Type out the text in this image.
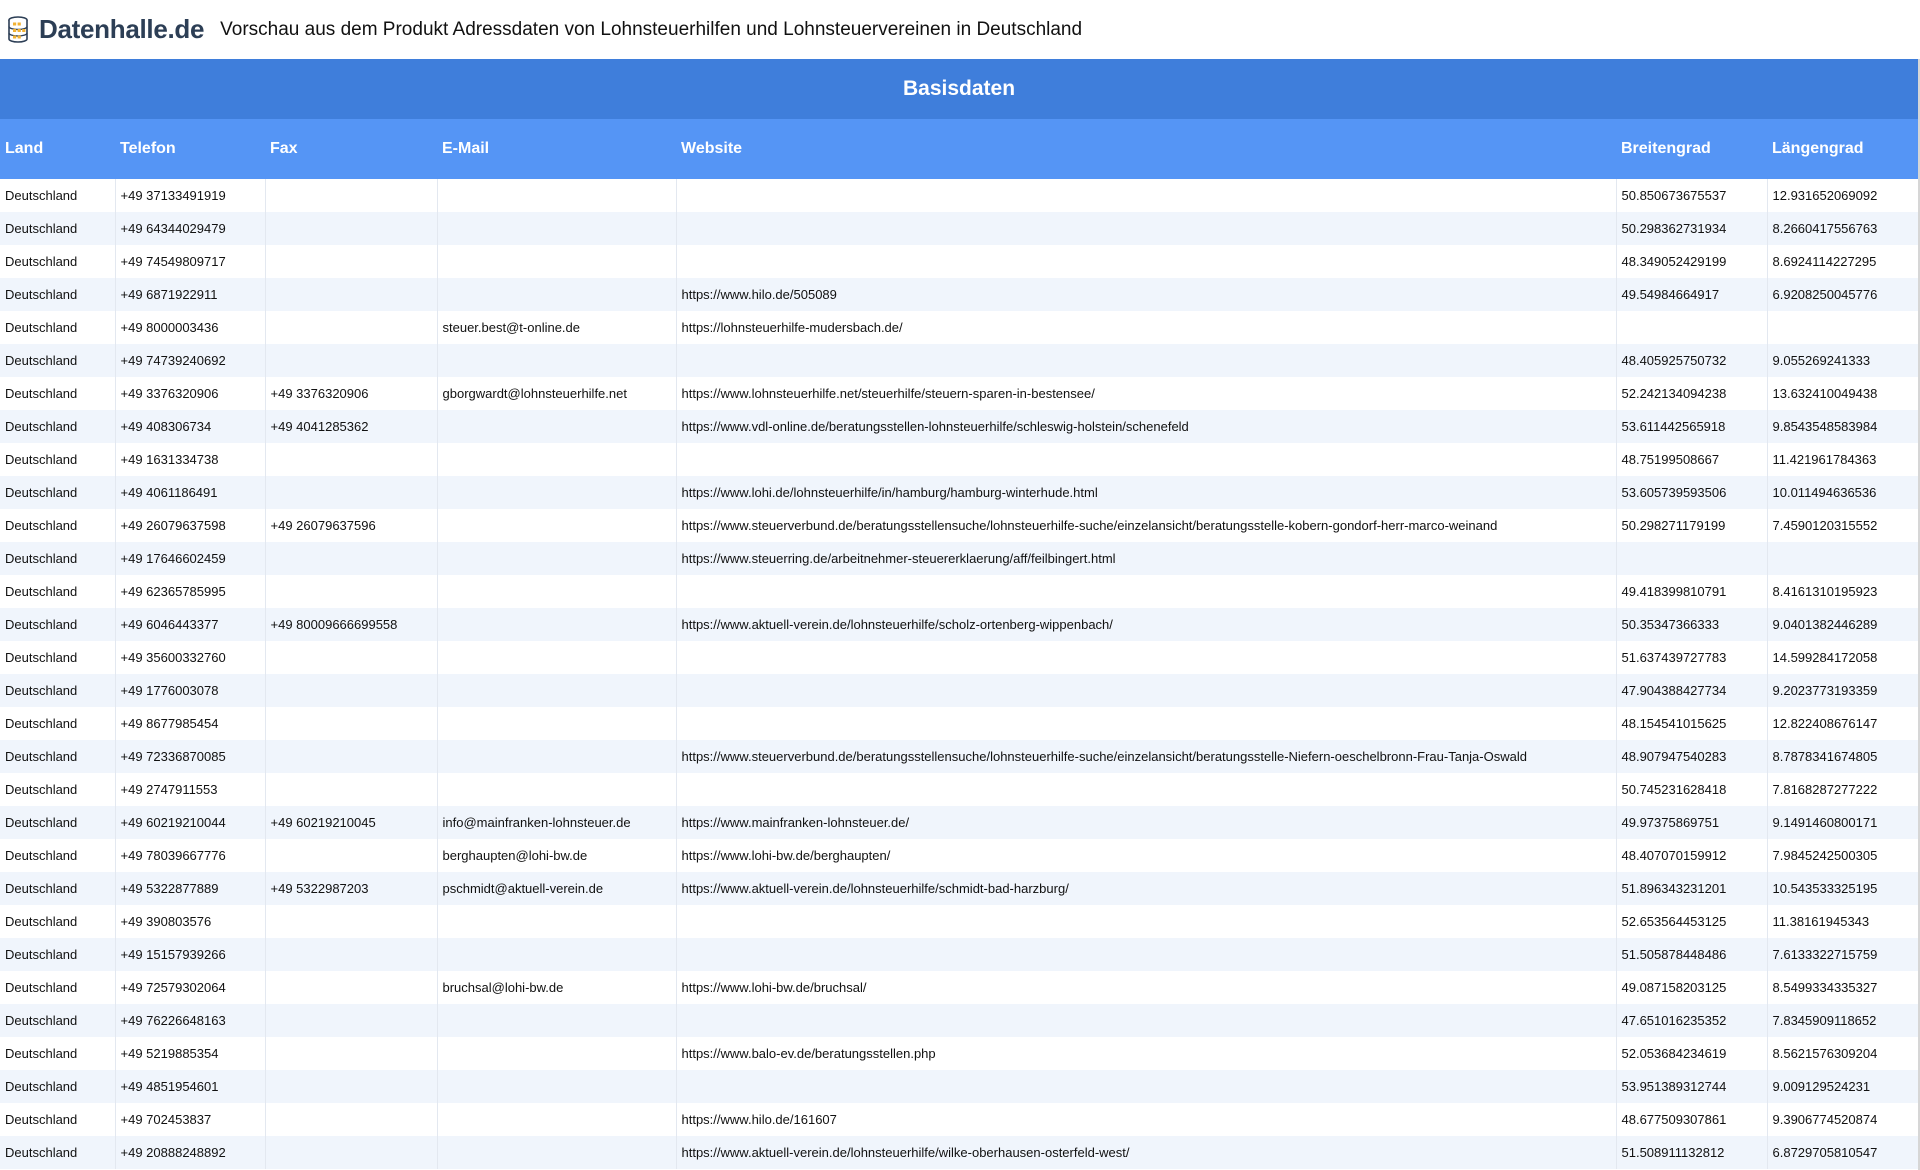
Datenhalle.de Vorschau aus dem Produkt Adressdaten von Lohnsteuerhilfen und Lohnsteuervereinen in Deutschland
Basisdaten						
Land	Telefon	Fax	E-Mail	Website	Breitengrad	Längengrad
Deutschland	+49 37133491919				50.850673675537	12.931652069092
Deutschland	+49 64344029479				50.298362731934	8.2660417556763
Deutschland	+49 74549809717				48.349052429199	8.6924114227295
Deutschland	+49 6871922911			https://www.hilo.de/505089	49.54984664917	6.9208250045776
Deutschland	+49 8000003436		steuer.best@t-online.de	https://lohnsteuerhilfe-mudersbach.de/		
Deutschland	+49 74739240692				48.405925750732	9.055269241333
Deutschland	+49 3376320906	+49 3376320906	gborgwardt@lohnsteuerhilfe.net	https://www.lohnsteuerhilfe.net/steuerhilfe/steuern-sparen-in-bestensee/	52.242134094238	13.632410049438
Deutschland	+49 408306734	+49 4041285362		https://www.vdl-online.de/beratungsstellen-lohnsteuerhilfe/schleswig-holstein/schenefeld	53.611442565918	9.8543548583984
Deutschland	+49 1631334738				48.75199508667	11.421961784363
Deutschland	+49 4061186491			https://www.lohi.de/lohnsteuerhilfe/in/hamburg/hamburg-winterhude.html	53.605739593506	10.011494636536
Deutschland	+49 26079637598	+49 26079637596		https://www.steuerverbund.de/beratungsstellensuche/lohnsteuerhilfe-suche/einzelansicht/beratungsstelle-kobern-gondorf-herr-marco-weinand	50.298271179199	7.4590120315552
Deutschland	+49 17646602459			https://www.steuerring.de/arbeitnehmer-steuererklaerung/aff/feilbingert.html		
Deutschland	+49 62365785995				49.418399810791	8.4161310195923
Deutschland	+49 6046443377	+49 80009666699558		https://www.aktuell-verein.de/lohnsteuerhilfe/scholz-ortenberg-wippenbach/	50.35347366333	9.0401382446289
Deutschland	+49 35600332760				51.637439727783	14.599284172058
Deutschland	+49 1776003078				47.904388427734	9.2023773193359
Deutschland	+49 8677985454				48.154541015625	12.822408676147
Deutschland	+49 72336870085			https://www.steuerverbund.de/beratungsstellensuche/lohnsteuerhilfe-suche/einzelansicht/beratungsstelle-Niefern-oeschelbronn-Frau-Tanja-Oswald	48.907947540283	8.7878341674805
Deutschland	+49 2747911553				50.745231628418	7.8168287277222
Deutschland	+49 60219210044	+49 60219210045	info@mainfranken-lohnsteuer.de	https://www.mainfranken-lohnsteuer.de/	49.97375869751	9.1491460800171
Deutschland	+49 78039667776		berghaupten@lohi-bw.de	https://www.lohi-bw.de/berghaupten/	48.407070159912	7.9845242500305
Deutschland	+49 5322877889	+49 5322987203	pschmidt@aktuell-verein.de	https://www.aktuell-verein.de/lohnsteuerhilfe/schmidt-bad-harzburg/	51.896343231201	10.543533325195
Deutschland	+49 390803576				52.653564453125	11.38161945343
Deutschland	+49 15157939266				51.505878448486	7.6133322715759
Deutschland	+49 72579302064		bruchsal@lohi-bw.de	https://www.lohi-bw.de/bruchsal/	49.087158203125	8.5499334335327
Deutschland	+49 76226648163				47.651016235352	7.8345909118652
Deutschland	+49 5219885354			https://www.balo-ev.de/beratungsstellen.php	52.053684234619	8.5621576309204
Deutschland	+49 4851954601				53.951389312744	9.009129524231
Deutschland	+49 702453837			https://www.hilo.de/161607	48.677509307861	9.3906774520874
Deutschland	+49 20888248892			https://www.aktuell-verein.de/lohnsteuerhilfe/wilke-oberhausen-osterfeld-west/	51.508911132812	6.8729705810547
